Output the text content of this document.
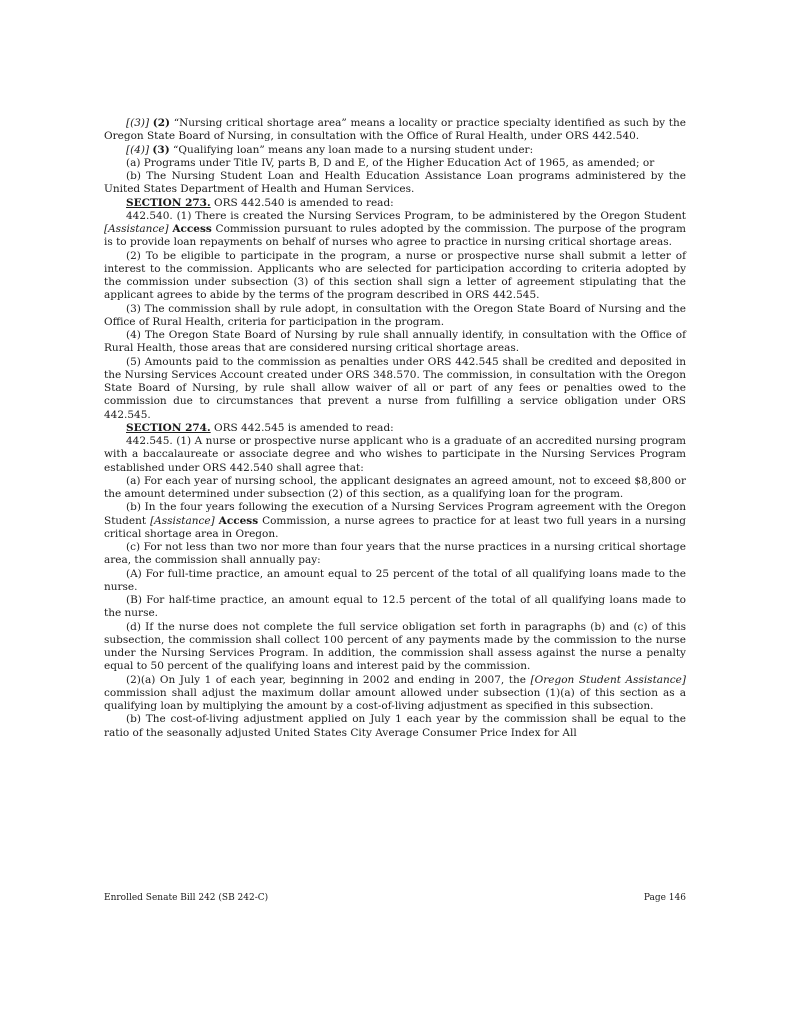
[(3)] (2) “Nursing critical shortage area” means a locality or practice specialty identified as such by the Oregon State Board of Nursing, in consultation with the Office of Rural Health, under ORS 442.540.

[(4)] (3) “Qualifying loan” means any loan made to a nursing student under:

(a) Programs under Title IV, parts B, D and E, of the Higher Education Act of 1965, as amended; or

(b) The Nursing Student Loan and Health Education Assistance Loan programs administered by the United States Department of Health and Human Services.

SECTION 273. ORS 442.540 is amended to read:

442.540. (1) There is created the Nursing Services Program, to be administered by the Oregon Student [Assistance] Access Commission pursuant to rules adopted by the commission. The purpose of the program is to provide loan repayments on behalf of nurses who agree to practice in nursing critical shortage areas.

(2) To be eligible to participate in the program, a nurse or prospective nurse shall submit a letter of interest to the commission. Applicants who are selected for participation according to criteria adopted by the commission under subsection (3) of this section shall sign a letter of agreement stipulating that the applicant agrees to abide by the terms of the program described in ORS 442.545.

(3) The commission shall by rule adopt, in consultation with the Oregon State Board of Nursing and the Office of Rural Health, criteria for participation in the program.

(4) The Oregon State Board of Nursing by rule shall annually identify, in consultation with the Office of Rural Health, those areas that are considered nursing critical shortage areas.

(5) Amounts paid to the commission as penalties under ORS 442.545 shall be credited and deposited in the Nursing Services Account created under ORS 348.570. The commission, in consultation with the Oregon State Board of Nursing, by rule shall allow waiver of all or part of any fees or penalties owed to the commission due to circumstances that prevent a nurse from fulfilling a service obligation under ORS 442.545.

SECTION 274. ORS 442.545 is amended to read:

442.545. (1) A nurse or prospective nurse applicant who is a graduate of an accredited nursing program with a baccalaureate or associate degree and who wishes to participate in the Nursing Services Program established under ORS 442.540 shall agree that:

(a) For each year of nursing school, the applicant designates an agreed amount, not to exceed $8,800 or the amount determined under subsection (2) of this section, as a qualifying loan for the program.

(b) In the four years following the execution of a Nursing Services Program agreement with the Oregon Student [Assistance] Access Commission, a nurse agrees to practice for at least two full years in a nursing critical shortage area in Oregon.

(c) For not less than two nor more than four years that the nurse practices in a nursing critical shortage area, the commission shall annually pay:

(A) For full-time practice, an amount equal to 25 percent of the total of all qualifying loans made to the nurse.

(B) For half-time practice, an amount equal to 12.5 percent of the total of all qualifying loans made to the nurse.

(d) If the nurse does not complete the full service obligation set forth in paragraphs (b) and (c) of this subsection, the commission shall collect 100 percent of any payments made by the commission to the nurse under the Nursing Services Program. In addition, the commission shall assess against the nurse a penalty equal to 50 percent of the qualifying loans and interest paid by the commission.

(2)(a) On July 1 of each year, beginning in 2002 and ending in 2007, the [Oregon Student Assistance] commission shall adjust the maximum dollar amount allowed under subsection (1)(a) of this section as a qualifying loan by multiplying the amount by a cost-of-living adjustment as specified in this subsection.

(b) The cost-of-living adjustment applied on July 1 each year by the commission shall be equal to the ratio of the seasonally adjusted United States City Average Consumer Price Index for All

Enrolled Senate Bill 242 (SB 242-C)	Page 146
